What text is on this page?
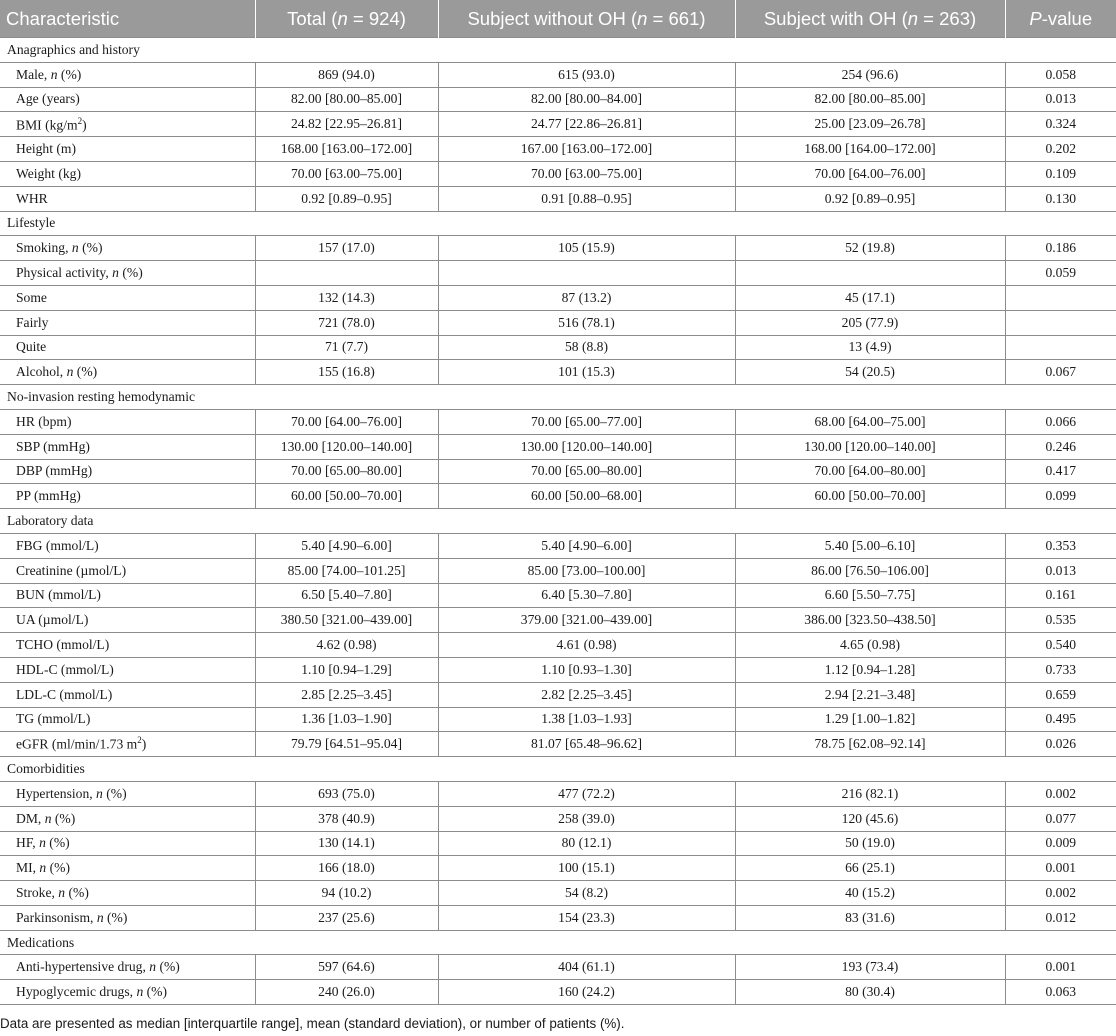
Characteristic	Total (n = 924)	Subject without OH (n = 661)	Subject with OH (n = 263)	P-value
Anagraphics and history				
Male, n (%)	869 (94.0)	615 (93.0)	254 (96.6)	0.058
Age (years)	82.00 [80.00–85.00]	82.00 [80.00–84.00]	82.00 [80.00–85.00]	0.013
BMI $(kg/m^2)$	24.82 [22.95–26.81]	24.77 [22.86–26.81]	25.00 [23.09–26.78]	0.324
Height (m)	168.00 [163.00–172.00]	167.00 [163.00–172.00]	168.00 [164.00–172.00]	0.202
Weight (kg)	70.00 [63.00–75.00]	70.00 [63.00–75.00]	70.00 [64.00–76.00]	0.109
WHR	0.92 [0.89–0.95]	0.91 [0.88–0.95]	0.92 [0.89–0.95]	0.130
Lifestyle				
Smoking, n (%)	157 (17.0)	105 (15.9)	52 (19.8)	0.186
Physical activity, n (%)				0.059
Some	132 (14.3)	87 (13.2)	45 (17.1)	
Fairly	721 (78.0)	516 (78.1)	205 (77.9)	
Quite	71 (7.7)	58 (8.8)	13 (4.9)	
Alcohol, n (%)	155 (16.8)	101 (15.3)	54 (20.5)	0.067
No-invasion resting hemodynamic				
HR (bpm)	70.00 [64.00–76.00]	70.00 [65.00–77.00]	68.00 [64.00–75.00]	0.066
SBP (mmHg)	130.00 [120.00–140.00]	130.00 [120.00–140.00]	130.00 [120.00–140.00]	0.246
DBP (mmHg)	70.00 [65.00–80.00]	70.00 [65.00–80.00]	70.00 [64.00–80.00]	0.417
PP (mmHg)	60.00 [50.00–70.00]	60.00 [50.00–68.00]	60.00 [50.00–70.00]	0.099
Laboratory data				
FBG (mmol/L)	5.40 [4.90–6.00]	5.40 [4.90–6.00]	5.40 [5.00–6.10]	0.353
Creatinine (µmol/L)	85.00 [74.00–101.25]	85.00 [73.00–100.00]	86.00 [76.50–106.00]	0.013
BUN (mmol/L)	6.50 [5.40–7.80]	6.40 [5.30–7.80]	6.60 [5.50–7.75]	0.161
UA (µmol/L)	380.50 [321.00–439.00]	379.00 [321.00–439.00]	386.00 [323.50–438.50]	0.535
TCHO (mmol/L)	4.62 (0.98)	4.61 (0.98)	4.65 (0.98)	0.540
HDL-C (mmol/L)	1.10 [0.94–1.29]	1.10 [0.93–1.30]	1.12 [0.94–1.28]	0.733
LDL-C (mmol/L)	2.85 [2.25–3.45]	2.82 [2.25–3.45]	2.94 [2.21–3.48]	0.659
TG (mmol/L)	1.36 [1.03–1.90]	1.38 [1.03–1.93]	1.29 [1.00–1.82]	0.495
eGFR (ml/min/1.73 $m^2$)	79.79 [64.51–95.04]	81.07 [65.48–96.62]	78.75 [62.08–92.14]	0.026
Comorbidities				
Hypertension, n (%)	693 (75.0)	477 (72.2)	216 (82.1)	0.002
DM, n (%)	378 (40.9)	258 (39.0)	120 (45.6)	0.077
HF, n (%)	130 (14.1)	80 (12.1)	50 (19.0)	0.009
MI, n (%)	166 (18.0)	100 (15.1)	66 (25.1)	0.001
Stroke, n (%)	94 (10.2)	54 (8.2)	40 (15.2)	0.002
Parkinsonism, n (%)	237 (25.6)	154 (23.3)	83 (31.6)	0.012
Medications				
Anti-hypertensive drug, n (%)	597 (64.6)	404 (61.1)	193 (73.4)	0.001
Hypoglycemic drugs, n (%)	240 (26.0)	160 (24.2)	80 (30.4)	0.063
Data are presented as median [interquartile range], mean (standard deviation), or number of patients (%).
